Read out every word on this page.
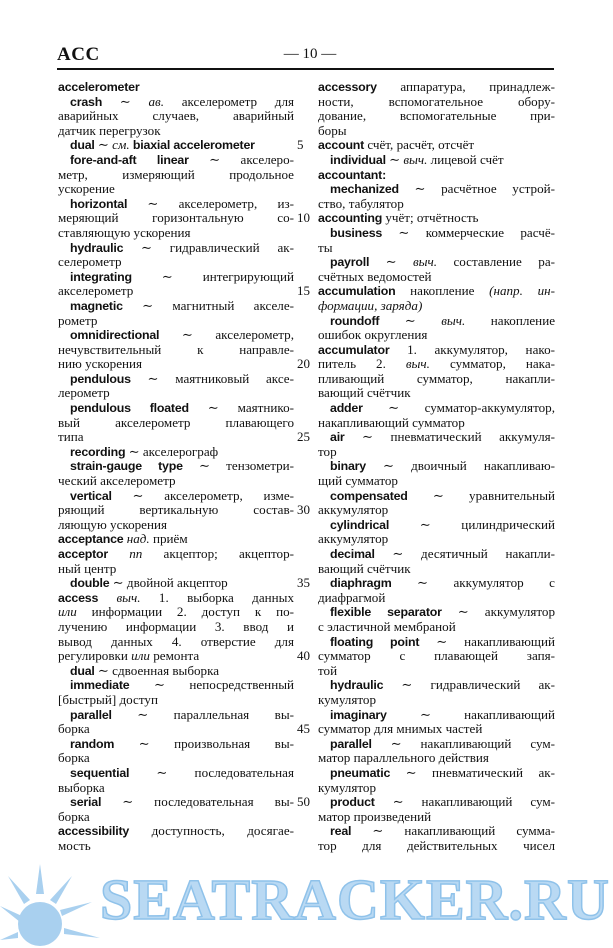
ACC	— 10 —
accelerometer
crash ∼ ав. акселерометр для
аварийных случаев, аварийный
датчик перегрузок
dual ∼ см. biaxial accelerometer
fore-and-aft linear ∼ акселеро-
метр, измеряющий продольное
ускорение
horizontal ∼ акселерометр, из-
меряющий горизонтальную со-
ставляющую ускорения
hydraulic ∼ гидравлический ак-
селерометр
integrating ∼ интегрирующий
акселерометр
magnetic ∼ магнитный акселе-
рометр
omnidirectional ∼ акселерометр,
нечувствительный к направле-
нию ускорения
pendulous ∼ маятниковый аксе-
лерометр
pendulous floated ∼ маятнико-
вый акселерометр плавающего
типа
recording ∼ акселерограф
strain-gauge type ∼ тензометри-
ческий акселерометр
vertical ∼ акселерометр, изме-
ряющий вертикальную состав-
ляющую ускорения
acceptance над. приём
acceptor пп акцептор; акцептор-
ный центр
double ∼ двойной акцептор
access выч. 1. выборка данных
или информации 2. доступ к по-
лучению информации 3. ввод и
вывод данных 4. отверстие для
регулировки или ремонта
dual ∼ сдвоенная выборка
immediate ∼ непосредственный
[быстрый] доступ
parallel ∼ параллельная вы-
борка
random ∼ произвольная вы-
борка
sequential ∼ последовательная
выборка
serial ∼ последовательная вы-
борка
accessibility доступность, досягае-
мость
5
10
15
20
25
30
35
40
45
50
accessory аппаратура, принадлеж-
ности, вспомогательное обору-
дование, вспомогательные при-
боры
account счёт, расчёт, отсчёт
individual ∼ выч. лицевой счёт
accountant:
mechanized ∼ расчётное устрой-
ство, табулятор
accounting учёт; отчётность
business ∼ коммерческие расчё-
ты
payroll ∼ выч. составление ра-
счётных ведомостей
accumulation накопление (напр. ин-
формации, заряда)
roundoff ∼ выч. накопление
ошибок округления
accumulator 1. аккумулятор, нако-
питель 2. выч. сумматор, нака-
пливающий сумматор, накапли-
вающий счётчик
adder ∼ сумматор-аккумулятор,
накапливающий сумматор
air ∼ пневматический аккумуля-
тор
binary ∼ двоичный накапливаю-
щий сумматор
compensated ∼ уравнительный
аккумулятор
cylindrical ∼ цилиндрический
аккумулятор
decimal ∼ десятичный накапли-
вающий счётчик
diaphragm ∼ аккумулятор с
диафрагмой
flexible separator ∼ аккумулятор
с эластичной мембраной
floating point ∼ накапливающий
сумматор с плавающей запя-
той
hydraulic ∼ гидравлический ак-
кумулятор
imaginary ∼ накапливающий
сумматор для мнимых частей
parallel ∼ накапливающий сум-
матор параллельного действия
pneumatic ∼ пневматический ак-
кумулятор
product ∼ накапливающий сум-
матор произведений
real ∼ накапливающий сумма-
тор для действительных чисел
SEATRACKER.RU
